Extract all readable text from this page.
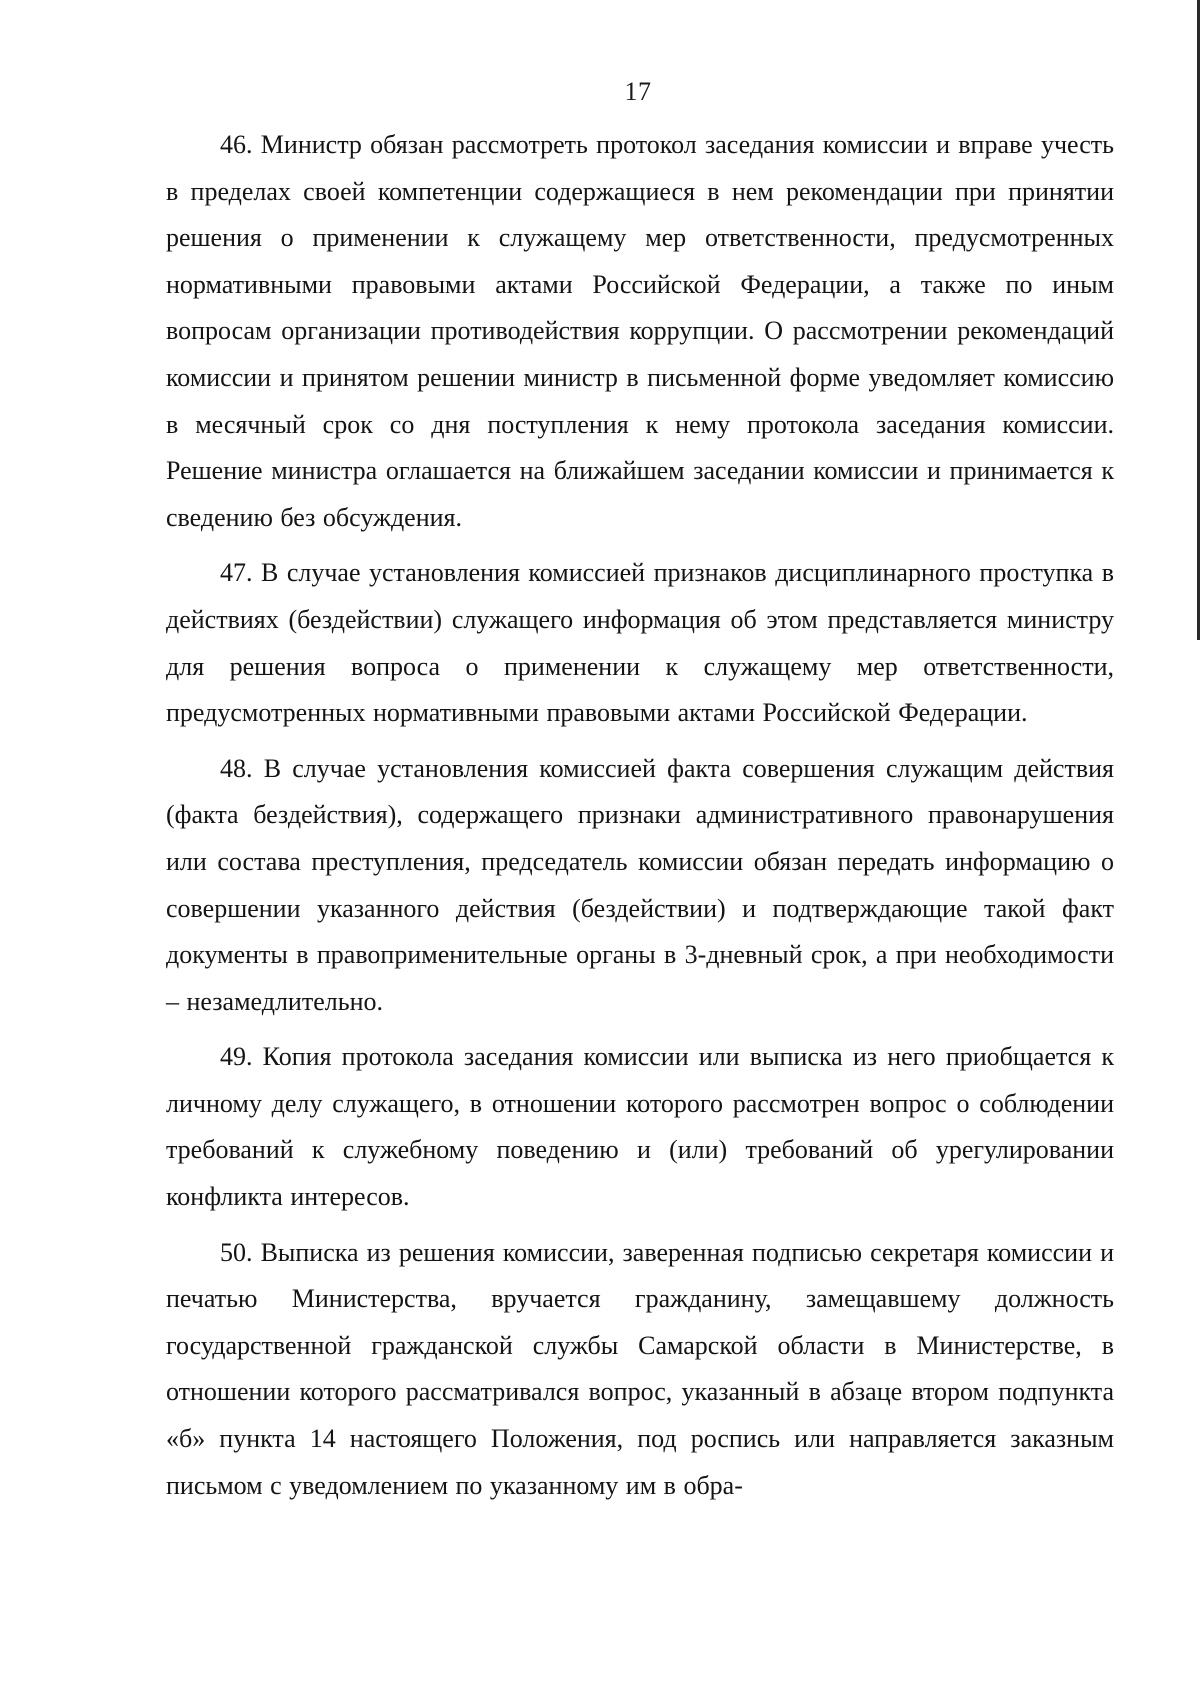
17

46. Министр обязан рассмотреть протокол заседания комиссии и вправе учесть в пределах своей компетенции содержащиеся в нем рекомендации при принятии решения о применении к служащему мер ответственности, предусмотренных нормативными правовыми актами Российской Федерации, а также по иным вопросам организации противодействия коррупции. О рассмотрении рекомендаций комиссии и принятом решении министр в письменной форме уведомляет комиссию в месячный срок со дня поступления к нему протокола заседания комиссии. Решение министра оглашается на ближайшем заседании комиссии и принимается к сведению без обсуждения.

47. В случае установления комиссией признаков дисциплинарного проступка в действиях (бездействии) служащего информация об этом представляется министру для решения вопроса о применении к служащему мер ответственности, предусмотренных нормативными правовыми актами Российской Федерации.

48. В случае установления комиссией факта совершения служащим действия (факта бездействия), содержащего признаки административного правонарушения или состава преступления, председатель комиссии обязан передать информацию о совершении указанного действия (бездействии) и подтверждающие такой факт документы в правоприменительные органы в 3-дневный срок, а при необходимости – незамедлительно.

49. Копия протокола заседания комиссии или выписка из него приобщается к личному делу служащего, в отношении которого рассмотрен вопрос о соблюдении требований к служебному поведению и (или) требований об урегулировании конфликта интересов.

50. Выписка из решения комиссии, заверенная подписью секретаря комиссии и печатью Министерства, вручается гражданину, замещавшему должность государственной гражданской службы Самарской области в Министерстве, в отношении которого рассматривался вопрос, указанный в абзаце втором подпункта «б» пункта 14 настоящего Положения, под роспись или направляется заказным письмом с уведомлением по указанному им в обра-
